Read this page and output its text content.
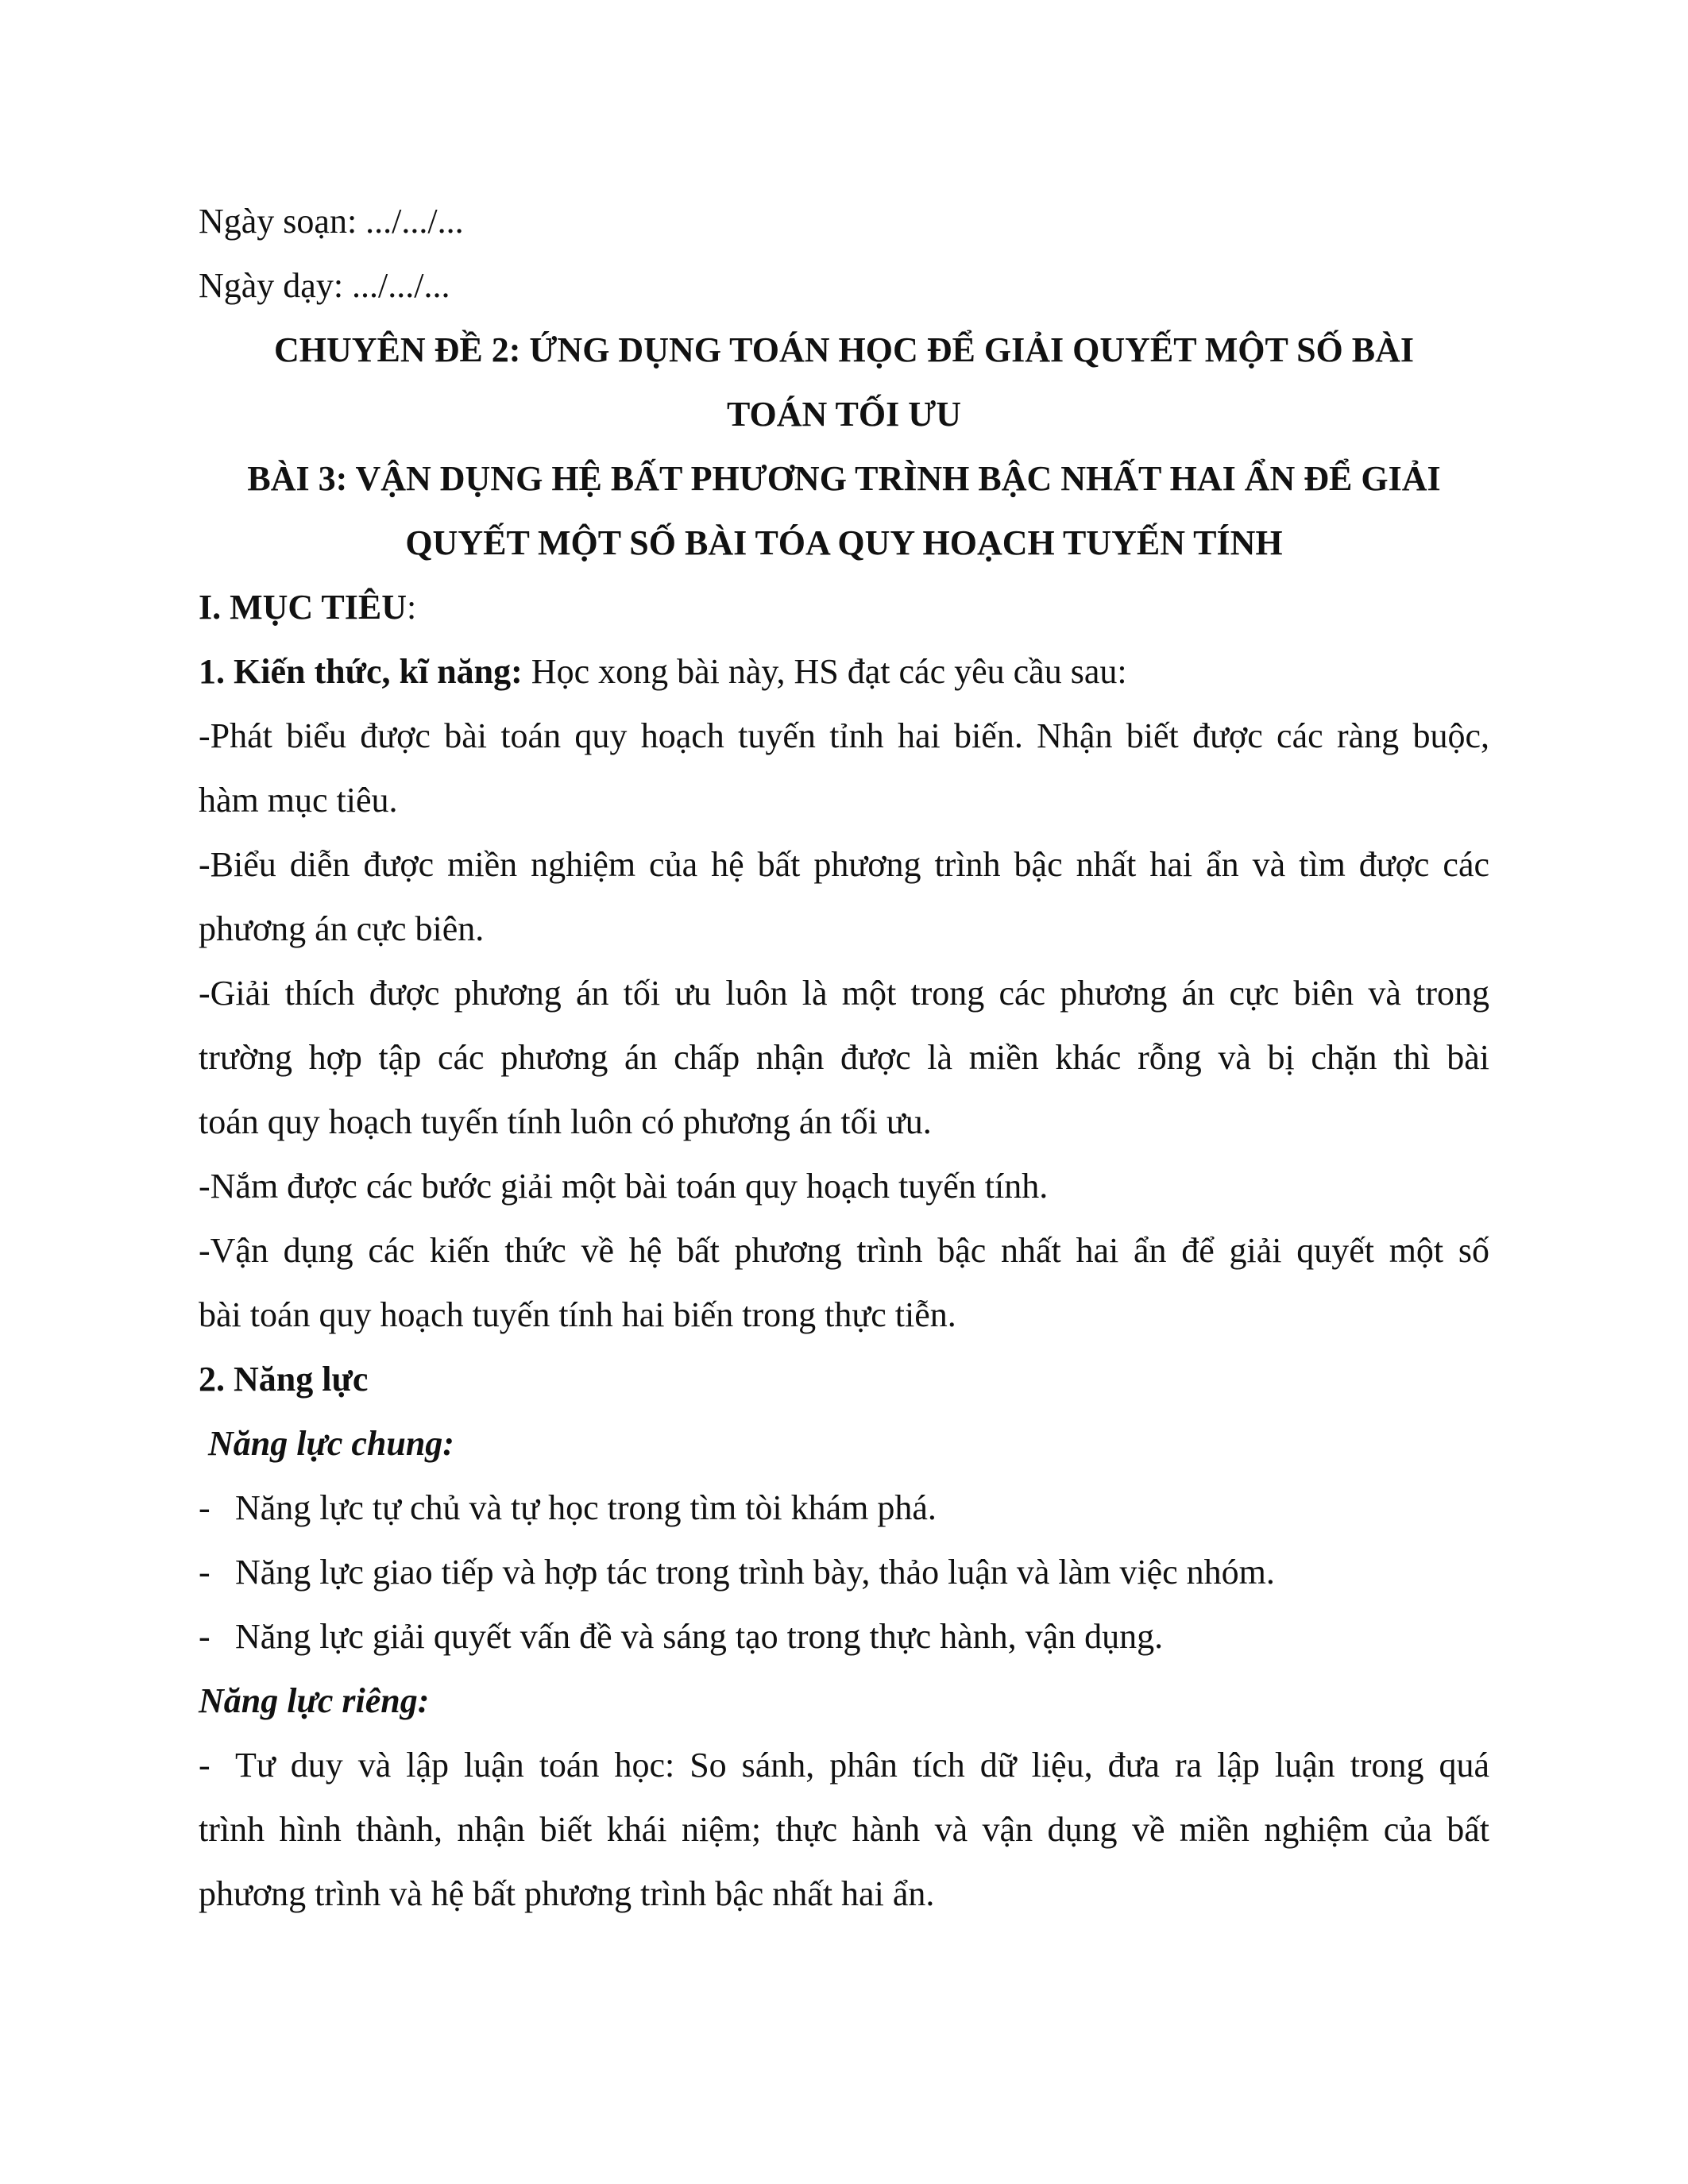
Ngày soạn: .../.../...
Ngày dạy: .../.../...
CHUYÊN ĐỀ 2: ỨNG DỤNG TOÁN HỌC ĐỂ GIẢI QUYẾT MỘT SỐ BÀI
TOÁN TỐI ƯU
BÀI 3: VẬN DỤNG HỆ BẤT PHƯƠNG TRÌNH BẬC NHẤT HAI ẨN ĐỂ GIẢI
QUYẾT MỘT SỐ BÀI TÓA QUY HOẠCH TUYẾN TÍNH
I. MỤC TIÊU:
1. Kiến thức, kĩ năng: Học xong bài này, HS đạt các yêu cầu sau:
-Phát biểu được bài toán quy hoạch tuyến tỉnh hai biến. Nhận biết được các ràng buộc,
hàm mục tiêu.
-Biểu diễn được miền nghiệm của hệ bất phương trình bậc nhất hai ẩn và tìm được các
phương án cực biên.
-Giải thích được phương án tối ưu luôn là một trong các phương án cực biên và trong
trường hợp tập các phương án chấp nhận được là miền khác rỗng và bị chặn thì bài
toán quy hoạch tuyến tính luôn có phương án tối ưu.
-Nắm được các bước giải một bài toán quy hoạch tuyến tính.
-Vận dụng các kiến thức về hệ bất phương trình bậc nhất hai ẩn để giải quyết một số
bài toán quy hoạch tuyến tính hai biến trong thực tiễn.
2. Năng lực
Năng lực chung:
- Năng lực tự chủ và tự học trong tìm tòi khám phá.
- Năng lực giao tiếp và hợp tác trong trình bày, thảo luận và làm việc nhóm.
- Năng lực giải quyết vấn đề và sáng tạo trong thực hành, vận dụng.
Năng lực riêng:
- Tư duy và lập luận toán học: So sánh, phân tích dữ liệu, đưa ra lập luận trong quá
trình hình thành, nhận biết khái niệm; thực hành và vận dụng về miền nghiệm của bất
phương trình và hệ bất phương trình bậc nhất hai ẩn.
